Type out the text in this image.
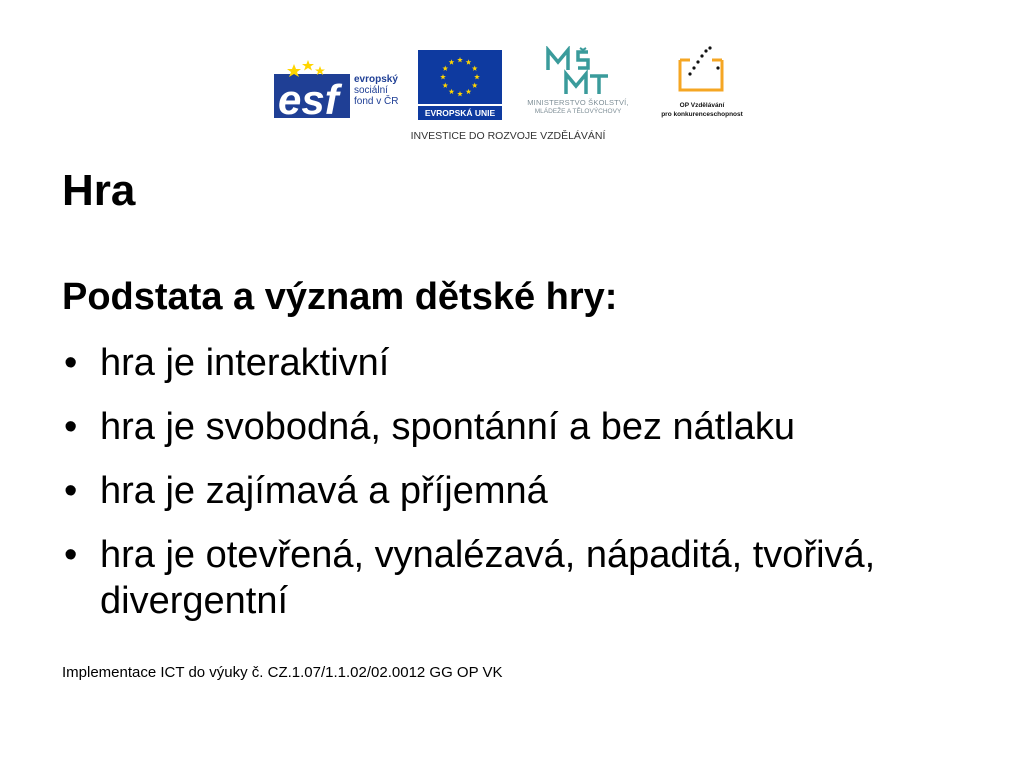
esf	evropský
sociální
fond v ČR
EVROPSKÁ UNIE
MINISTERSTVO ŠKOLSTVÍ,
MLÁDEŽE A TĚLOVÝCHOVY
OP Vzdělávání
pro konkurenceschopnost
INVESTICE DO ROZVOJE VZDĚLÁVÁNÍ
Hra
Podstata a význam dětské hry:
• hra je interaktivní
• hra je svobodná, spontánní a bez nátlaku
• hra je zajímavá a příjemná
• hra je otevřená, vynalézavá, nápaditá, tvořivá, divergentní
Implementace ICT do výuky č. CZ.1.07/1.1.02/02.0012 GG OP VK
